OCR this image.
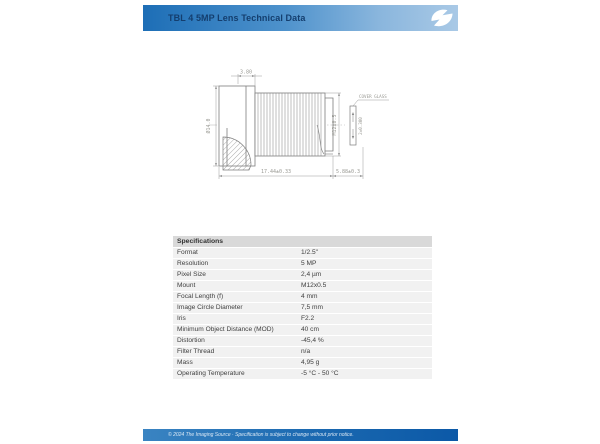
TBL 4 5MP Lens Technical Data
3.80
Ø14.0	M12x0.5
COVER GLASS
2±0.300
17.44±0.33	5.88±0.3
Specifications
Format	1/2.5"
Resolution	5 MP
Pixel Size	2,4 µm
Mount	M12x0.5
Focal Length (f)	4 mm
Image Circle Diameter	7,5 mm
Iris	F2.2
Minimum Object Distance (MOD)	40 cm
Distortion	-45,4 %
Filter Thread	n/a
Mass	4,95 g
Operating Temperature	-5 °C - 50 °C
© 2024 The Imaging Source · Specification is subject to change without prior notice.
